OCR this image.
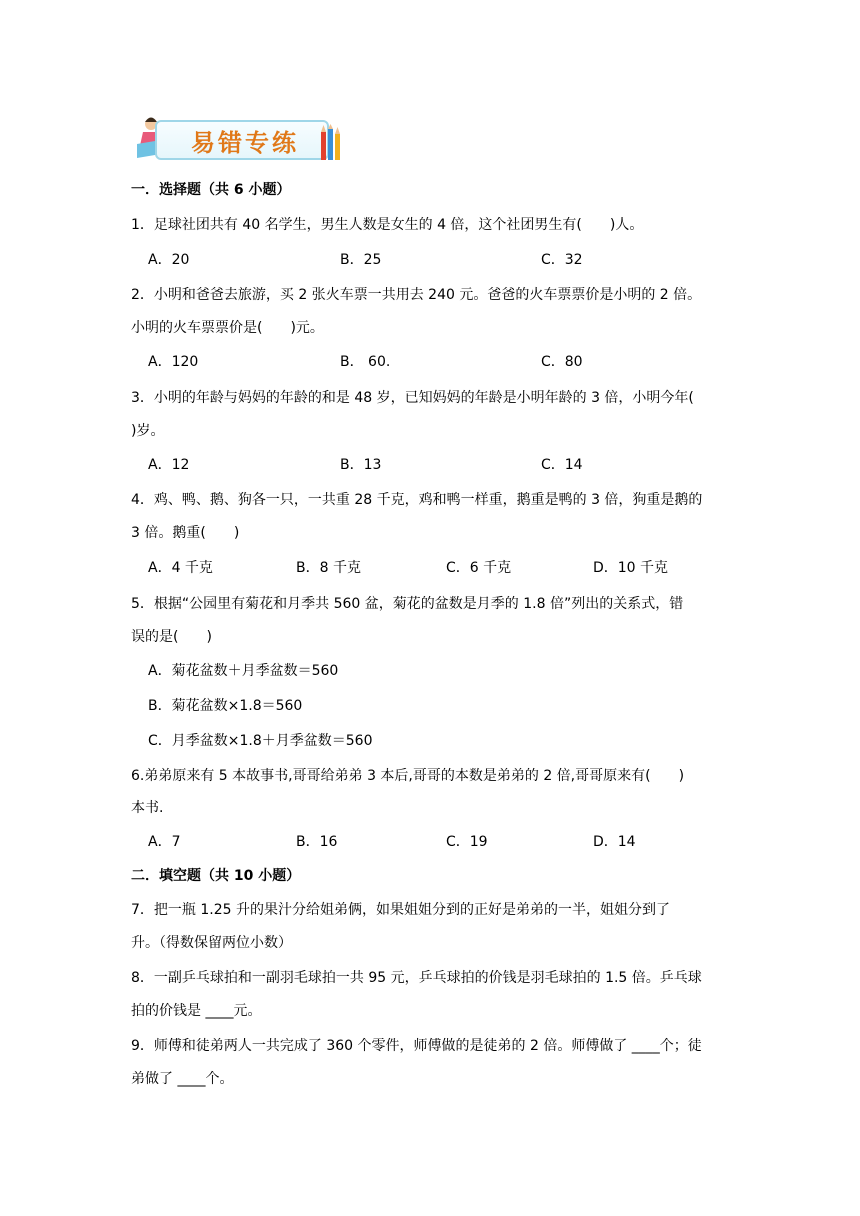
易错专练
一．选择题（共 6 小题）
1．足球社团共有 40 名学生，男生人数是女生的 4 倍，这个社团男生有(　　)人。
A．20	B．25	C．32
2．小明和爸爸去旅游，买 2 张火车票一共用去 240 元。爸爸的火车票票价是小明的 2 倍。
小明的火车票票价是(　　)元。
A．120	B． 60.	C．80
3．小明的年龄与妈妈的年龄的和是 48 岁，已知妈妈的年龄是小明年龄的 3 倍，小明今年(
)岁。
A．12	B．13	C．14
4．鸡、鸭、鹅、狗各一只，一共重 28 千克，鸡和鸭一样重，鹅重是鸭的 3 倍，狗重是鹅的
3 倍。鹅重(　　)
A．4 千克	B．8 千克	C．6 千克	D．10 千克
5．根据“公园里有菊花和月季共 560 盆，菊花的盆数是月季的 1.8 倍”列出的关系式，错
误的是(　　)
A．菊花盆数＋月季盆数＝560
B．菊花盆数×1.8＝560
C．月季盆数×1.8＋月季盆数＝560
6.弟弟原来有 5 本故事书,哥哥给弟弟 3 本后,哥哥的本数是弟弟的 2 倍,哥哥原来有(　　)
本书.
A．7	B．16	C．19	D．14
二．填空题（共 10 小题）
7．把一瓶 1.25 升的果汁分给姐弟俩，如果姐姐分到的正好是弟弟的一半，姐姐分到了
升。（得数保留两位小数）
8．一副乒乓球拍和一副羽毛球拍一共 95 元，乒乓球拍的价钱是羽毛球拍的 1.5 倍。乒乓球
拍的价钱是 ____元。
9．师傅和徒弟两人一共完成了 360 个零件，师傅做的是徒弟的 2 倍。师傅做了 ____个；徒
弟做了 ____个。
